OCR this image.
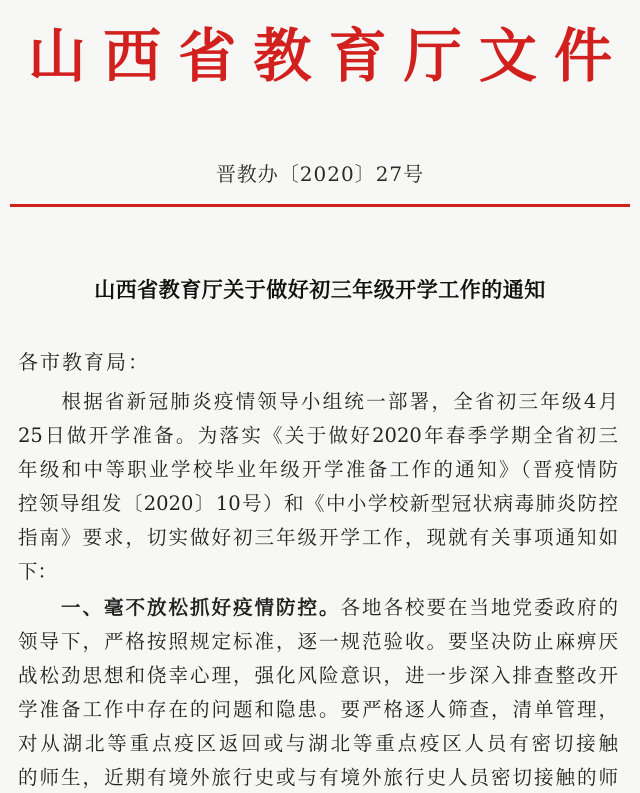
山 西 省 教 育 厅 文 件
晋教办〔2020〕27号
山西省教育厅关于做好初三年级开学工作的通知
各市教育局：
　　根据省新冠肺炎疫情领导小组统一部署，全省初三年级4月
25日做开学准备。为落实《关于做好2020年春季学期全省初三
年级和中等职业学校毕业年级开学准备工作的通知》（晋疫情防
控领导组发〔2020〕10号）和《中小学校新型冠状病毒肺炎防控
指南》要求，切实做好初三年级开学工作，现就有关事项通知如
下：
　　一、毫不放松抓好疫情防控。各地各校要在当地党委政府的
领导下，严格按照规定标准，逐一规范验收。要坚决防止麻痹厌
战松劲思想和侥幸心理，强化风险意识，进一步深入排查整改开
学准备工作中存在的问题和隐患。要严格逐人筛查，清单管理，
对从湖北等重点疫区返回或与湖北等重点疫区人员有密切接触
的师生，近期有境外旅行史或与有境外旅行史人员密切接触的师
